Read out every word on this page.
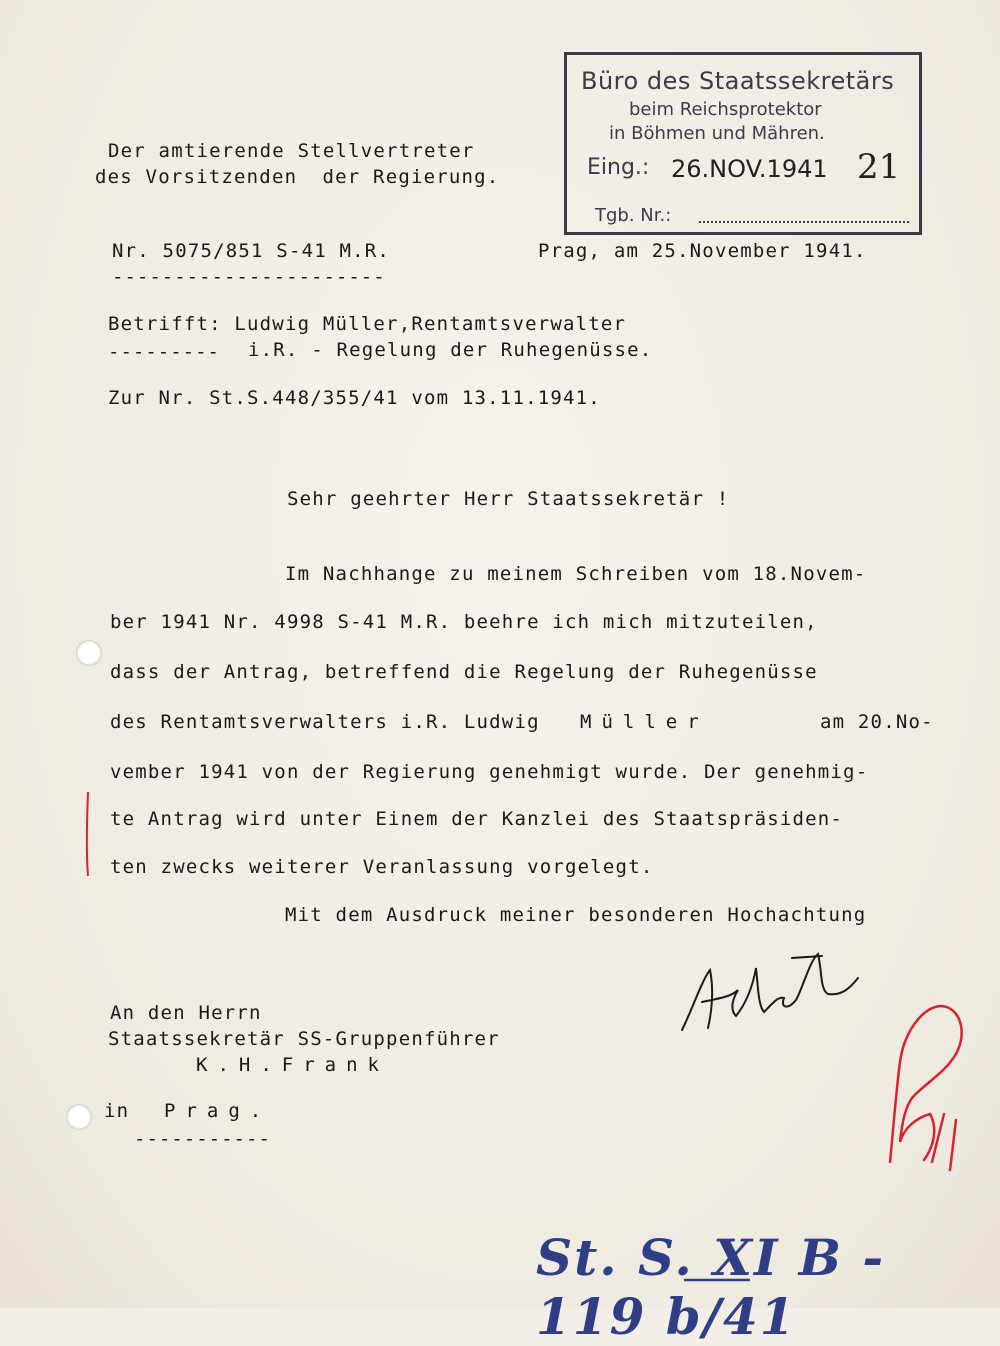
Büro des Staatssekretärs
beim Reichsprotektor
in Böhmen und Mähren.
Eing.: 26.NOV.1941 21
Tgb. Nr.:
Der amtierende Stellvertreter
des Vorsitzenden  der Regierung.
Nr. 5075/851 S-41 M.R.
----------------------
Prag, am 25.November 1941.
Betrifft: Ludwig Müller,Rentamtsverwalter
--------- i.R. - Regelung der Ruhegenüsse.
Zur Nr. St.S.448/355/41 vom 13.11.1941.
Sehr geehrter Herr Staatssekretär !
Im Nachhange zu meinem Schreiben vom 18.Novem-
ber 1941 Nr. 4998 S-41 M.R. beehre ich mich mitzuteilen,
dass der Antrag, betreffend die Regelung der Ruhegenüsse
des Rentamtsverwalters i.R. Ludwig Müller	am 20.No-
vember 1941 von der Regierung genehmigt wurde. Der genehmig-
te Antrag wird unter Einem der Kanzlei des Staatspräsiden-
ten zwecks weiterer Veranlassung vorgelegt.
Mit dem Ausdruck meiner besonderen Hochachtung
An den Herrn
Staatssekretär SS-Gruppenführer
K.H.Frank
in Prag.
-----------
St. S. XI B - 119 b/41
